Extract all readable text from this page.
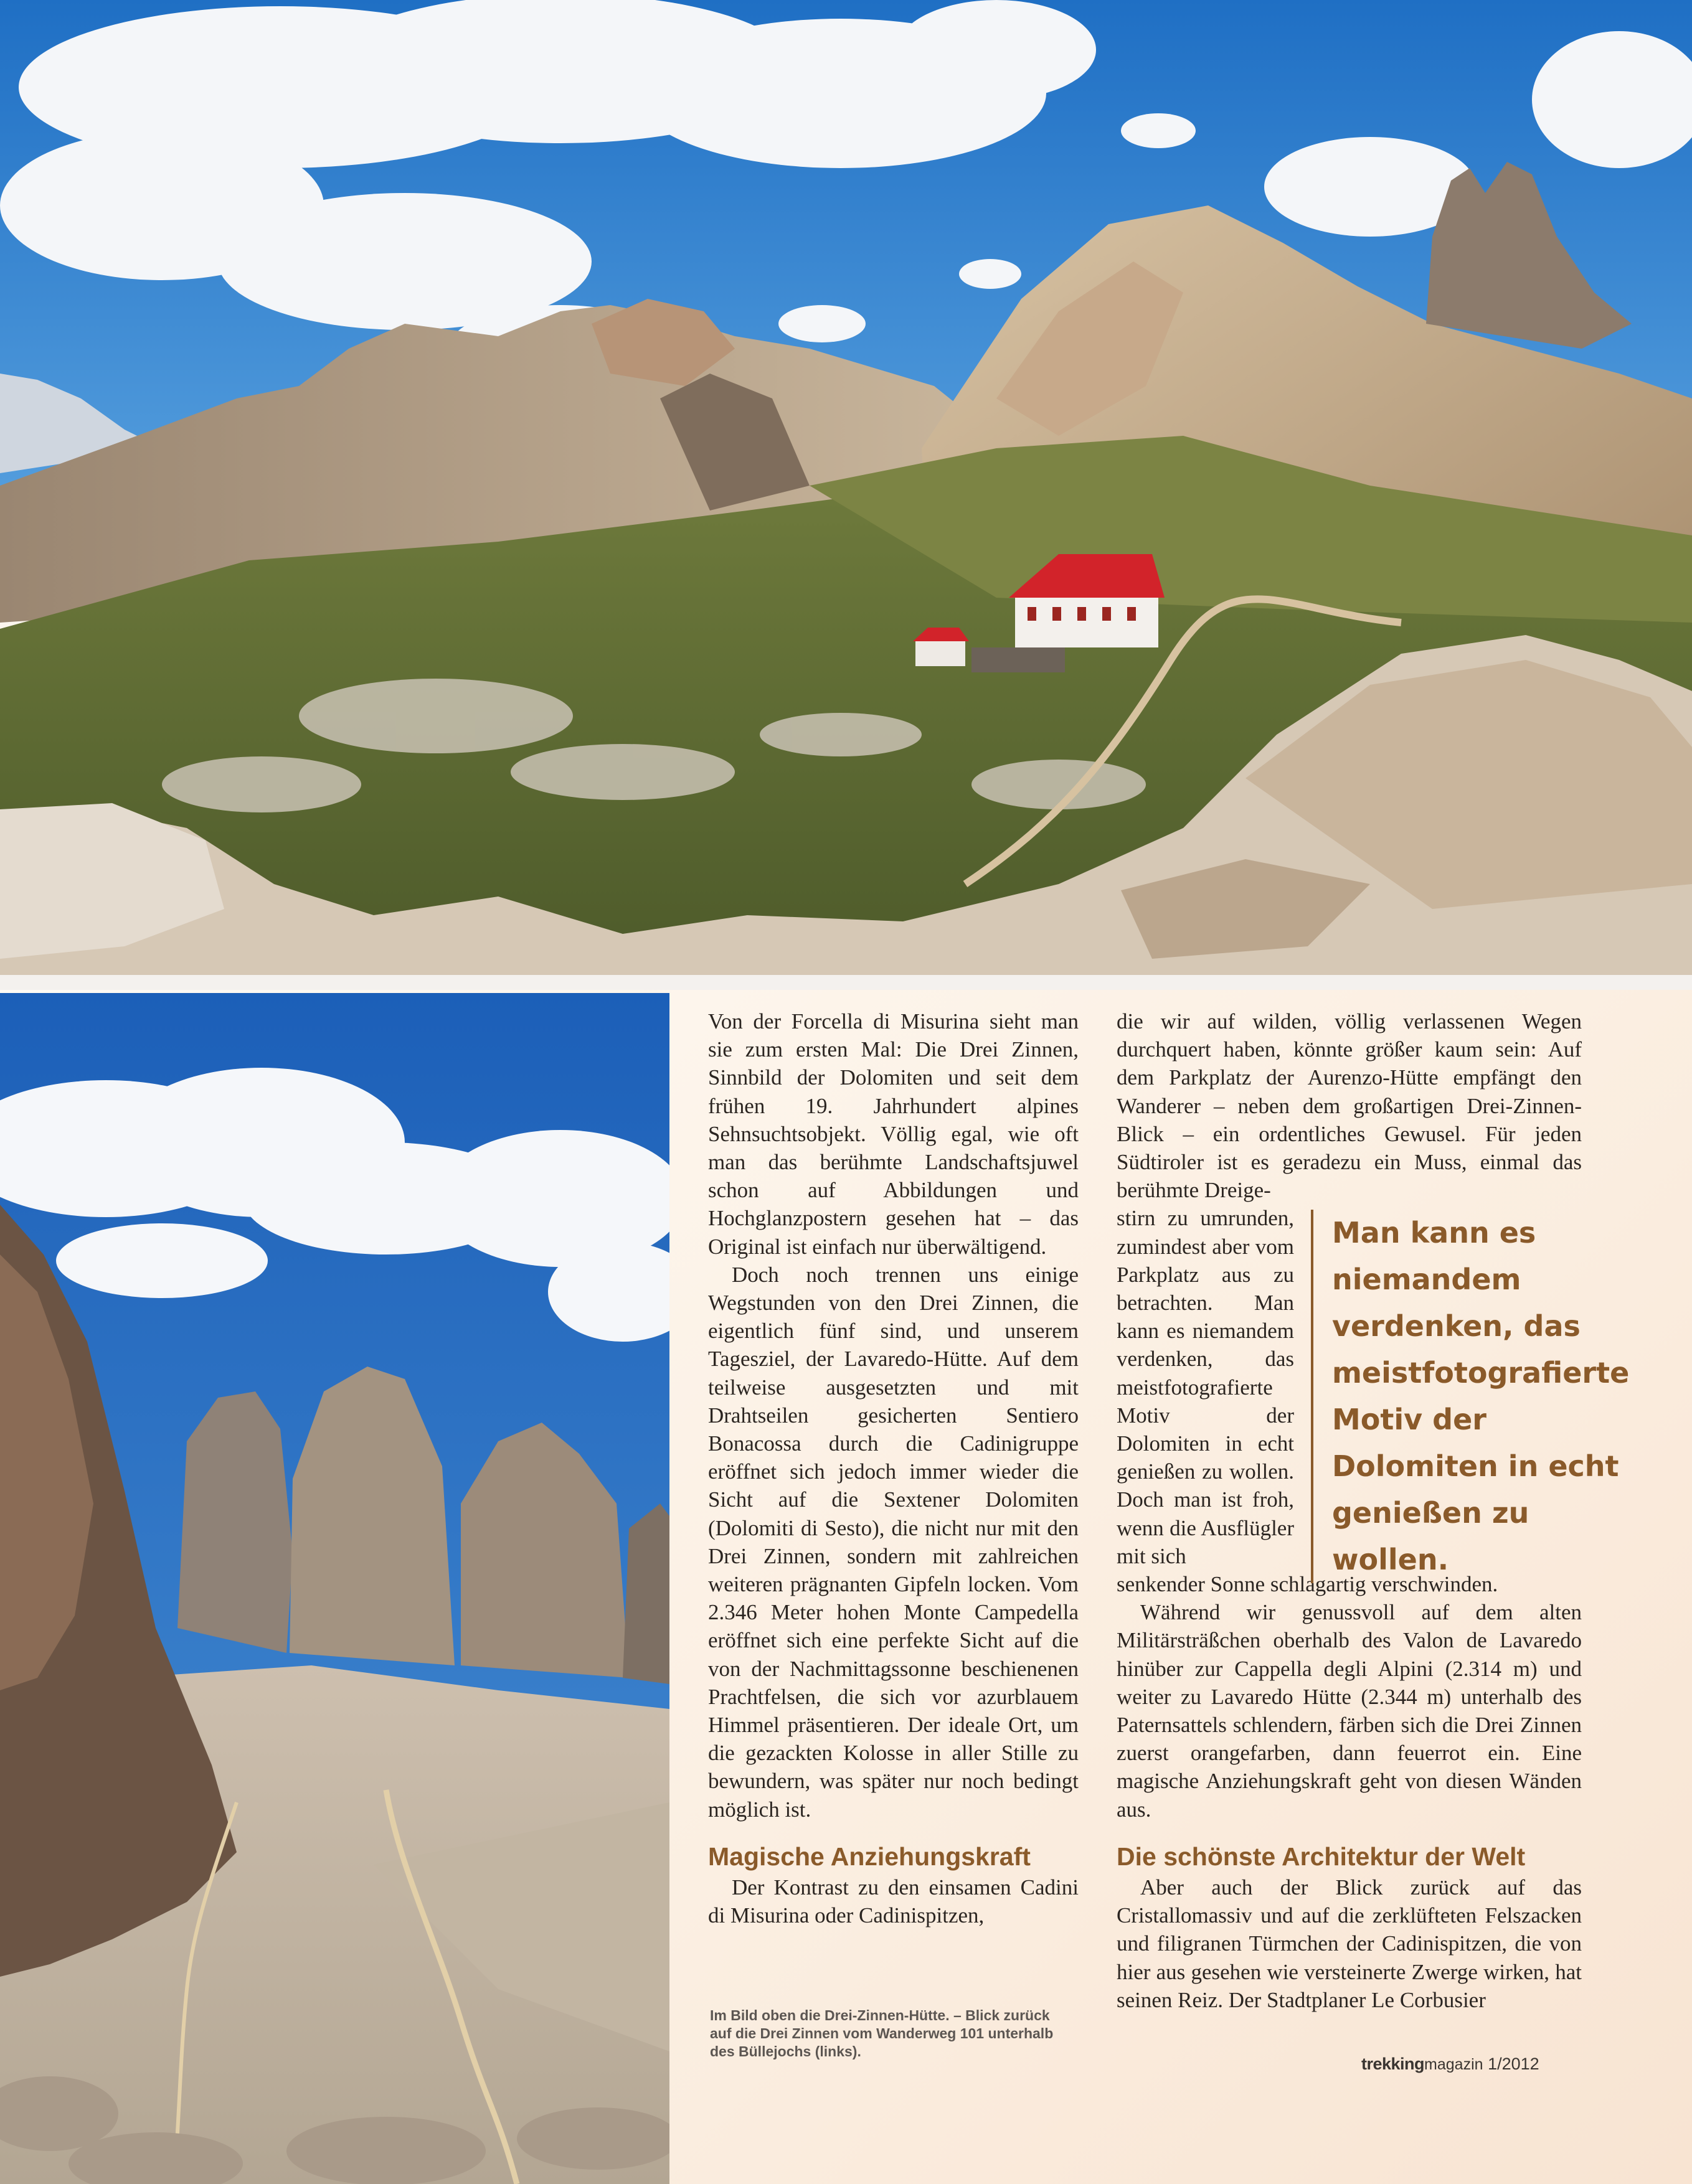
Von der Forcella di Misurina sieht man sie zum ersten Mal: Die Drei Zinnen, Sinnbild der Dolomiten und seit dem frühen 19. Jahrhundert alpines Sehnsuchtsobjekt. Völlig egal, wie oft man das berühmte Landschaftsjuwel schon auf Abbildungen und Hochglanzpostern gesehen hat – das Original ist einfach nur überwältigend.

Doch noch trennen uns einige Wegstunden von den Drei Zinnen, die eigentlich fünf sind, und unserem Tagesziel, der Lavaredo-Hütte. Auf dem teilweise ausgesetzten und mit Drahtseilen gesicherten Sentiero Bonacossa durch die Cadinigruppe eröffnet sich jedoch immer wieder die Sicht auf die Sextener Dolomiten (Dolomiti di Sesto), die nicht nur mit den Drei Zinnen, sondern mit zahlreichen weiteren prägnanten Gipfeln locken. Vom 2.346 Meter hohen Monte Campedella eröffnet sich eine perfekte Sicht auf die von der Nachmittagssonne beschienenen Prachtfelsen, die sich vor azurblauem Himmel präsentieren. Der ideale Ort, um die gezackten Kolosse in aller Stille zu bewundern, was später nur noch bedingt möglich ist.

Magische Anziehungskraft

Der Kontrast zu den einsamen Cadini di Misurina oder Cadinispitzen,

die wir auf wilden, völlig verlassenen Wegen durchquert haben, könnte größer kaum sein: Auf dem Parkplatz der Aurenzo-Hütte empfängt den Wanderer – neben dem großartigen Drei-Zinnen-Blick – ein ordentliches Gewusel. Für jeden Südtiroler ist es geradezu ein Muss, einmal das berühmte Dreige-

stirn zu umrunden, zumindest aber vom Parkplatz aus zu betrachten. Man kann es niemandem verdenken, das meistfotografierte Motiv der Dolomiten in echt genießen zu wollen. Doch man ist froh, wenn die Ausflügler mit sich

senkender Sonne schlagartig verschwinden.

Während wir genussvoll auf dem alten Militärsträßchen oberhalb des Valon de Lavaredo hinüber zur Cappella degli Alpini (2.314 m) und weiter zu Lavaredo Hütte (2.344 m) unterhalb des Paternsattels schlendern, färben sich die Drei Zinnen zuerst orangefarben, dann feuerrot ein. Eine magische Anziehungskraft geht von diesen Wänden aus.

Die schönste Architektur der Welt

Aber auch der Blick zurück auf das Cristallomassiv und auf die zerklüfteten Felszacken und filigranen Türmchen der Cadinispitzen, die von hier aus gesehen wie versteinerte Zwerge wirken, hat seinen Reiz. Der Stadtplaner Le Corbusier

Man kann es niemandem verdenken, das meistfotografierte Motiv der Dolomiten in echt genießen zu wollen.
Im Bild oben die Drei-Zinnen-Hütte. – Blick zurück auf die Drei Zinnen vom Wanderweg 101 unterhalb des Büllejochs (links).
trekkingmagazin 1/2012
